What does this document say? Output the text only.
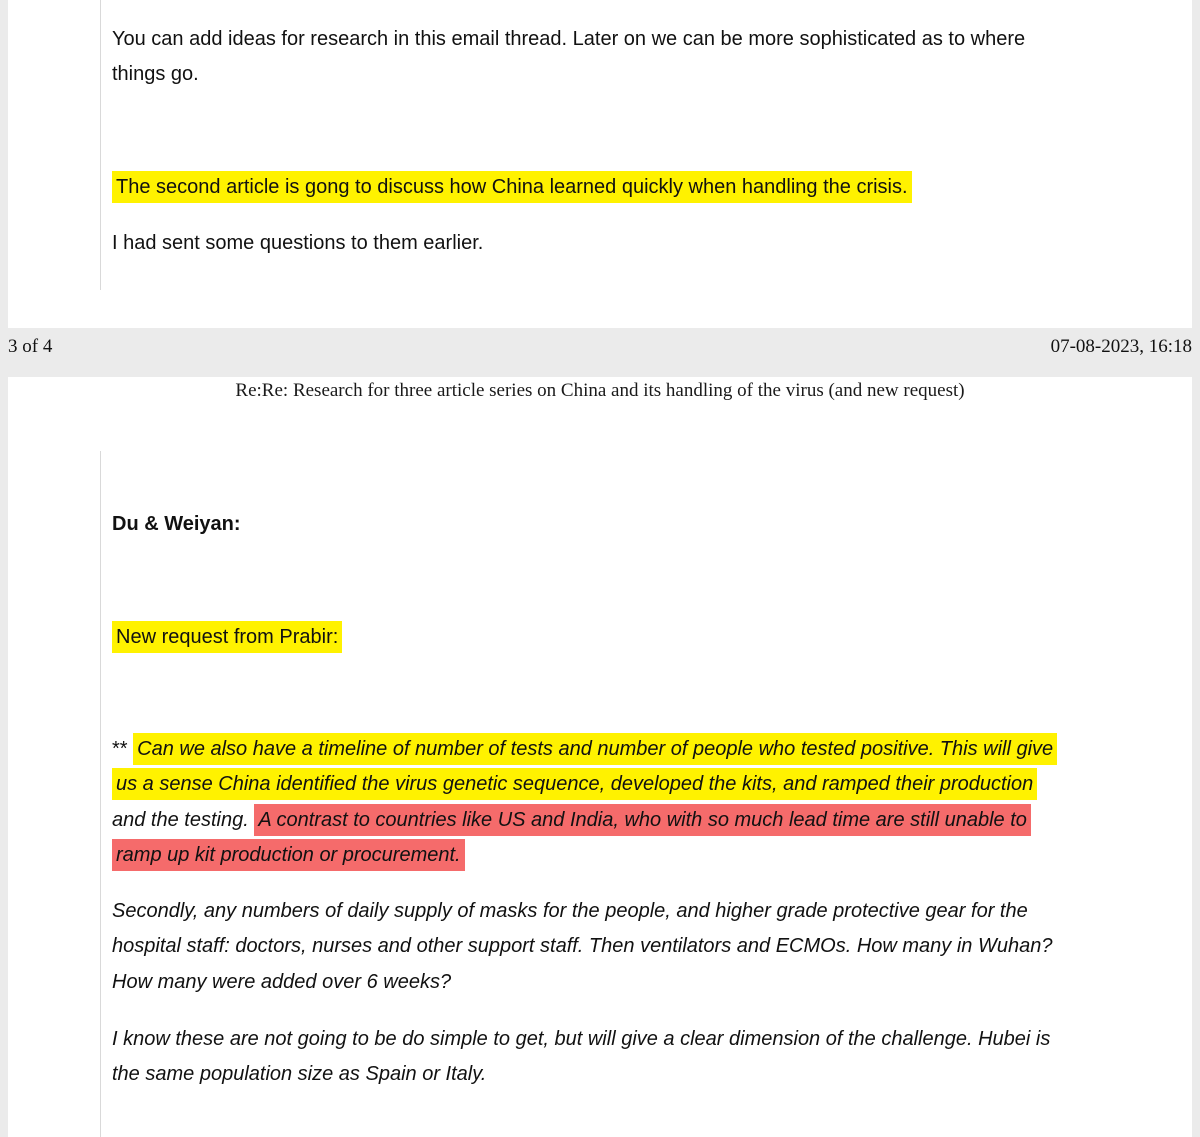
You can add ideas for research in this email thread. Later on we can be more sophisticated as to where
things go.
The second article is gong to discuss how China learned quickly when handling the crisis.
I had sent some questions to them earlier.
3 of 4	07-08-2023, 16:18
Du & Weiyan:
New request from Prabir:
** Can we also have a timeline of number of tests and number of people who tested positive. This will give
us a sense China identified the virus genetic sequence, developed the kits, and ramped their production
and the testing. A contrast to countries like US and India, who with so much lead time are still unable to
ramp up kit production or procurement.
Secondly, any numbers of daily supply of masks for the people, and higher grade protective gear for the
hospital staff: doctors, nurses and other support staff. Then ventilators and ECMOs. How many in Wuhan?
How many were added over 6 weeks?
I know these are not going to be do simple to get, but will give a clear dimension of the challenge. Hubei is
the same population size as Spain or Italy.
Re:Re: Research for three article series on China and its handling of the virus (and new request)
